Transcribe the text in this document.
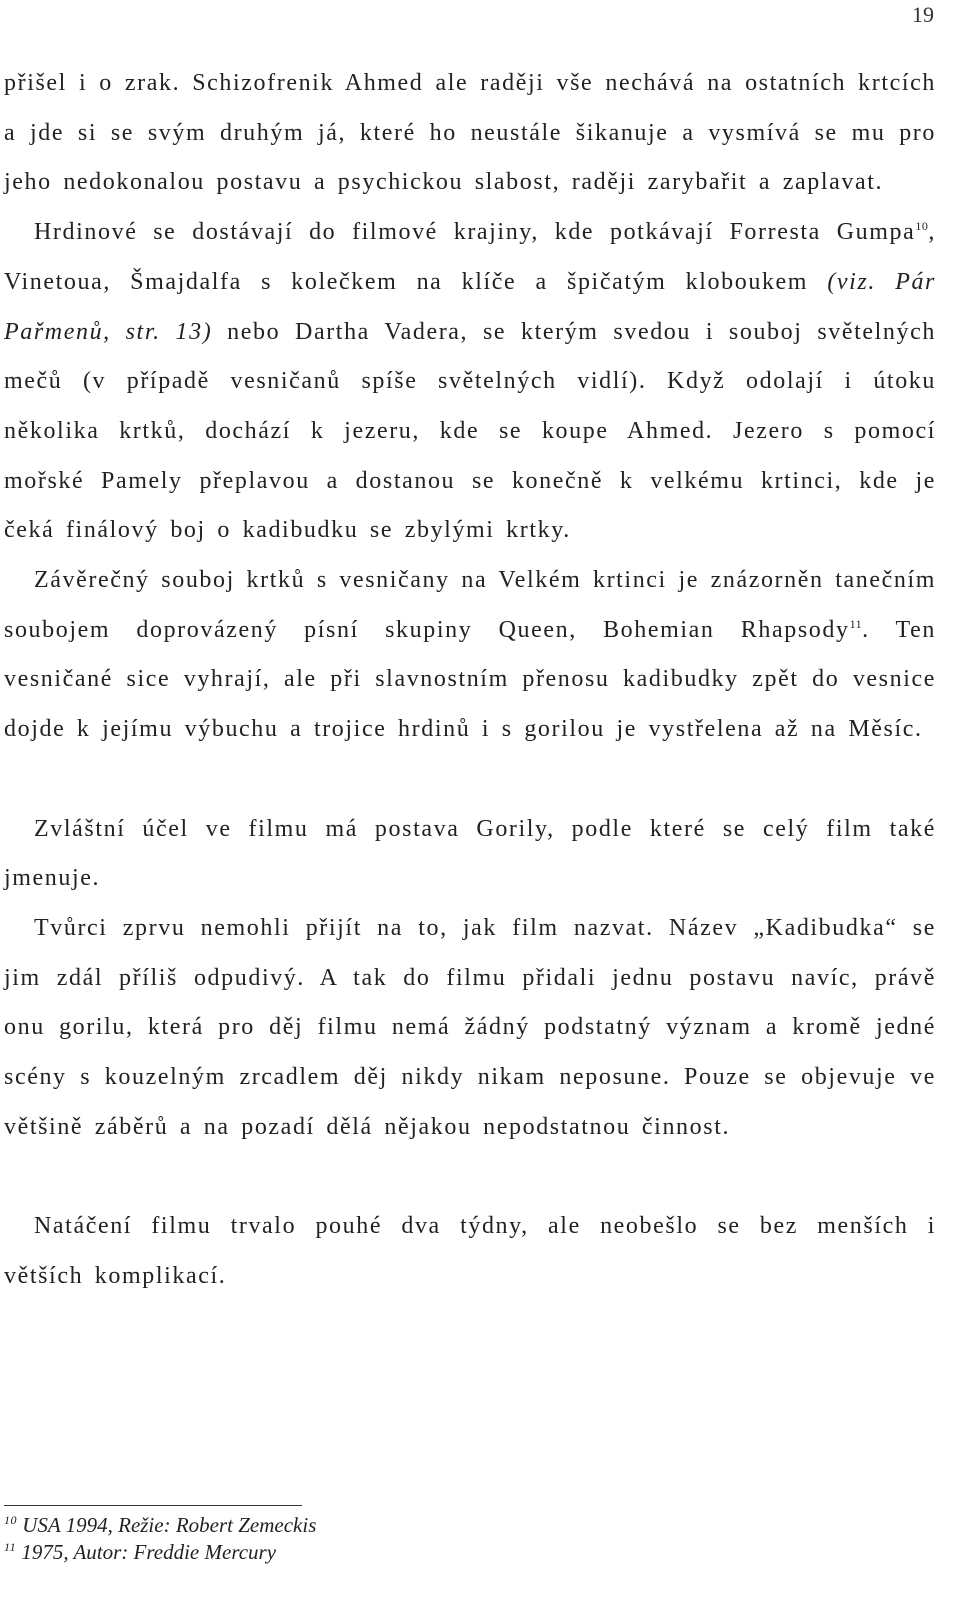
19

přišel i o zrak. Schizofrenik Ahmed ale raději vše nechává na ostatních krtcích a jde si se svým druhým já, které ho neustále šikanuje a vysmívá se mu pro jeho nedokonalou postavu a psychickou slabost, raději zarybařit a zaplavat.

Hrdinové se dostávají do filmové krajiny, kde potkávají Forresta Gumpa$^{10}$, Vinetoua, Šmajdalfa s kolečkem na klíče a špičatým kloboukem (viz. Pár Pařmenů, str. 13) nebo Dartha Vadera, se kterým svedou i souboj světelných mečů (v případě vesničanů spíše světelných vidlí). Když odolají i útoku několika krtků, dochází k jezeru, kde se koupe Ahmed. Jezero s pomocí mořské Pamely přeplavou a dostanou se konečně k velkému krtinci, kde je čeká finálový boj o kadibudku se zbylými krtky.

Závěrečný souboj krtků s vesničany na Velkém krtinci je znázorněn tanečním soubojem doprovázený písní skupiny Queen, Bohemian Rhapsody$^{11}$. Ten vesničané sice vyhrají, ale při slavnostním přenosu kadibudky zpět do vesnice dojde k jejímu výbuchu a trojice hrdinů i s gorilou je vystřelena až na Měsíc.

Zvláštní účel ve filmu má postava Gorily, podle které se celý film také jmenuje.

Tvůrci zprvu nemohli přijít na to, jak film nazvat. Název „Kadibudka“ se jim zdál příliš odpudivý. A tak do filmu přidali jednu postavu navíc, právě onu gorilu, která pro děj filmu nemá žádný podstatný význam a kromě jedné scény s kouzelným zrcadlem děj nikdy nikam neposune. Pouze se objevuje ve většině záběrů a na pozadí dělá nějakou nepodstatnou činnost.

Natáčení filmu trvalo pouhé dva týdny, ale neobešlo se bez menších i větších komplikací.

$^{10}$ USA 1994, Režie: Robert Zemeckis
$^{11}$ 1975, Autor: Freddie Mercury
